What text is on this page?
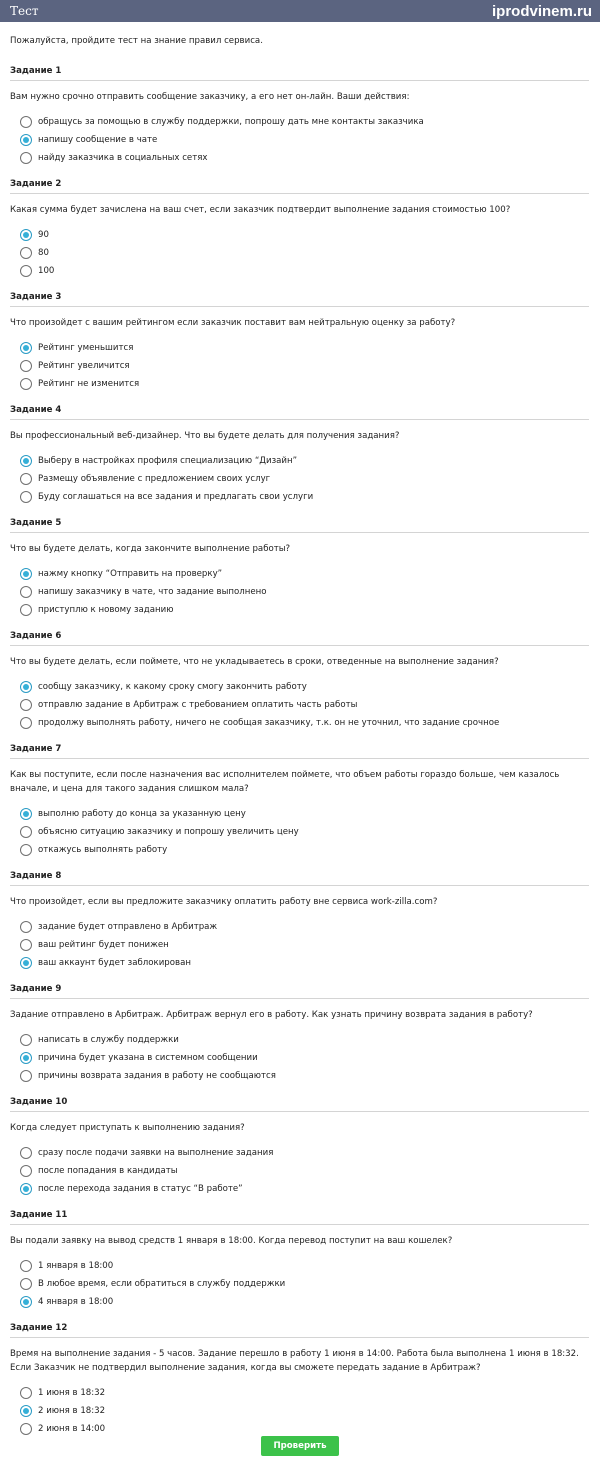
Тест	iprodvinem.ru
Пожалуйста, пройдите тест на знание правил сервиса.
Задание 1
Вам нужно срочно отправить сообщение заказчику, а его нет он-лайн. Ваши действия:
обращусь за помощью в службу поддержки, попрошу дать мне контакты заказчика
напишу сообщение в чате
найду заказчика в социальных сетях
Задание 2
Какая сумма будет зачислена на ваш счет, если заказчик подтвердит выполнение задания стоимостью 100?
90
80
100
Задание 3
Что произойдет с вашим рейтингом если заказчик поставит вам нейтральную оценку за работу?
Рейтинг уменьшится
Рейтинг увеличится
Рейтинг не изменится
Задание 4
Вы профессиональный веб-дизайнер. Что вы будете делать для получения задания?
Выберу в настройках профиля специализацию “Дизайн”
Размещу объявление с предложением своих услуг
Буду соглашаться на все задания и предлагать свои услуги
Задание 5
Что вы будете делать, когда закончите выполнение работы?
нажму кнопку “Отправить на проверку”
напишу заказчику в чате, что задание выполнено
приступлю к новому заданию
Задание 6
Что вы будете делать, если поймете, что не укладываетесь в сроки, отведенные на выполнение задания?
сообщу заказчику, к какому сроку смогу закончить работу
отправлю задание в Арбитраж с требованием оплатить часть работы
продолжу выполнять работу, ничего не сообщая заказчику, т.к. он не уточнил, что задание срочное
Задание 7
Как вы поступите, если после назначения вас исполнителем поймете, что объем работы гораздо больше, чем казалось вначале, и цена для такого задания слишком мала?
выполню работу до конца за указанную цену
объясню ситуацию заказчику и попрошу увеличить цену
откажусь выполнять работу
Задание 8
Что произойдет, если вы предложите заказчику оплатить работу вне сервиса work-zilla.com?
задание будет отправлено в Арбитраж
ваш рейтинг будет понижен
ваш аккаунт будет заблокирован
Задание 9
Задание отправлено в Арбитраж. Арбитраж вернул его в работу. Как узнать причину возврата задания в работу?
написать в службу поддержки
причина будет указана в системном сообщении
причины возврата задания в работу не сообщаются
Задание 10
Когда следует приступать к выполнению задания?
сразу после подачи заявки на выполнение задания
после попадания в кандидаты
после перехода задания в статус “В работе”
Задание 11
Вы подали заявку на вывод средств 1 января в 18:00. Когда перевод поступит на ваш кошелек?
1 января в 18:00
В любое время, если обратиться в службу поддержки
4 января в 18:00
Задание 12
Время на выполнение задания - 5 часов. Задание перешло в работу 1 июня в 14:00. Работа была выполнена 1 июня в 18:32. Если Заказчик не подтвердил выполнение задания, когда вы сможете передать задание в Арбитраж?
1 июня в 18:32
2 июня в 18:32
2 июня в 14:00
Проверить
